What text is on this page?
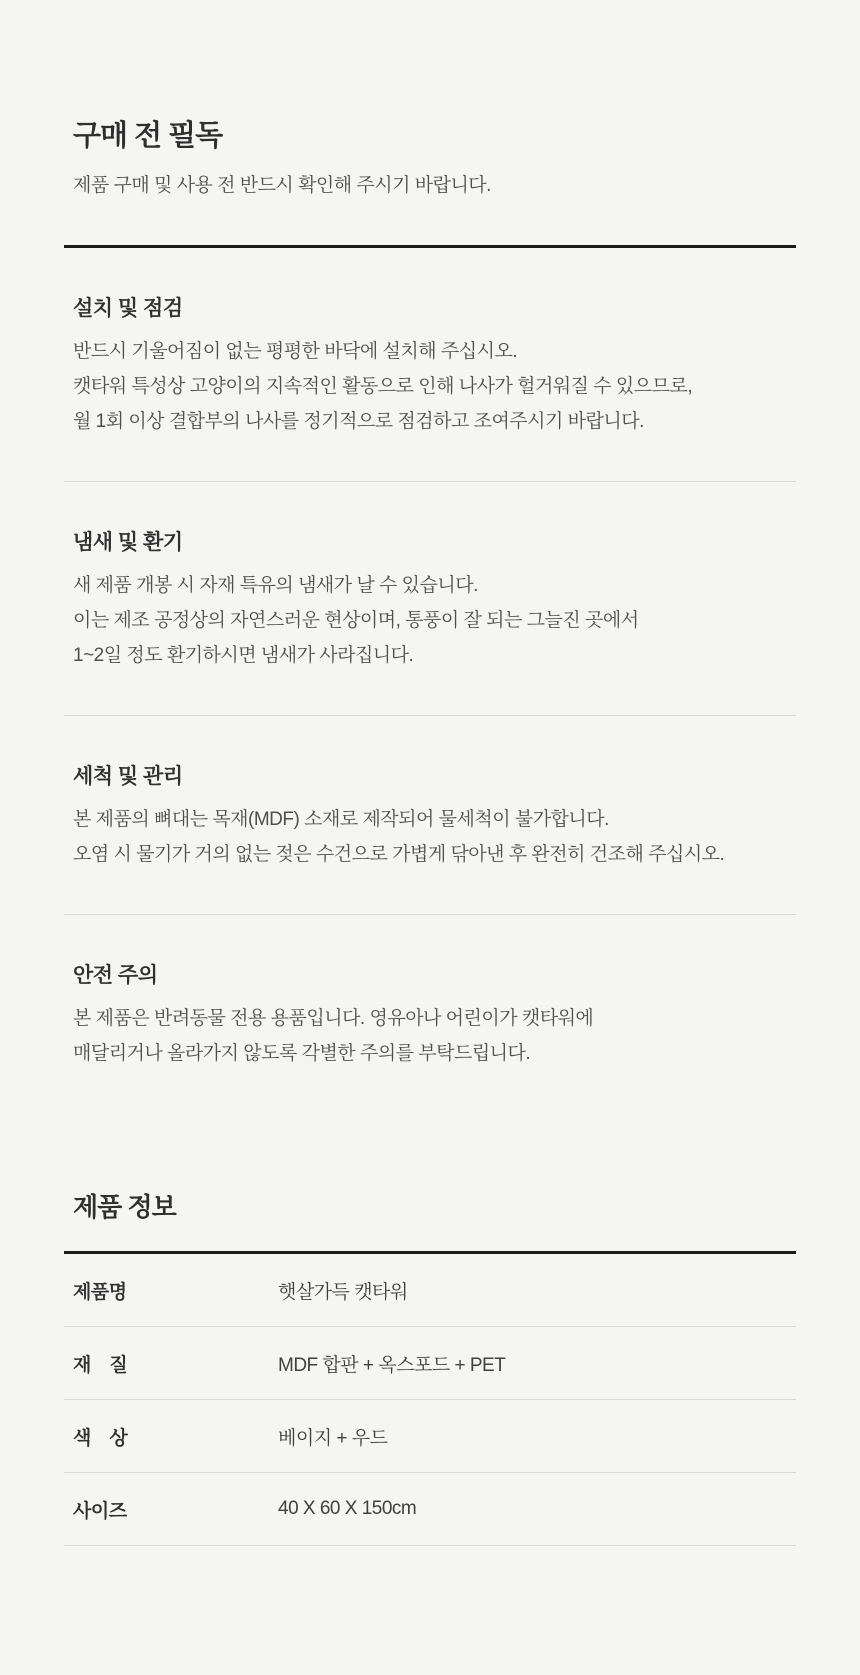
구매 전 필독

제품 구매 및 사용 전 반드시 확인해 주시기 바랍니다.

설치 및 점검
반드시 기울어짐이 없는 평평한 바닥에 설치해 주십시오.
캣타워 특성상 고양이의 지속적인 활동으로 인해 나사가 헐거워질 수 있으므로,
월 1회 이상 결합부의 나사를 정기적으로 점검하고 조여주시기 바랍니다.
냄새 및 환기
새 제품 개봉 시 자재 특유의 냄새가 날 수 있습니다.
이는 제조 공정상의 자연스러운 현상이며, 통풍이 잘 되는 그늘진 곳에서
1~2일 정도 환기하시면 냄새가 사라집니다.
세척 및 관리
본 제품의 뼈대는 목재(MDF) 소재로 제작되어 물세척이 불가합니다.
오염 시 물기가 거의 없는 젖은 수건으로 가볍게 닦아낸 후 완전히 건조해 주십시오.
안전 주의
본 제품은 반려동물 전용 용품입니다. 영유아나 어린이가 캣타워에
매달리거나 올라가지 않도록 각별한 주의를 부탁드립니다.
제품 정보
제품명	햇살가득 캣타워
재　질	MDF 합판 + 옥스포드 + PET
색　상	베이지 + 우드
사이즈	40 X 60 X 150cm
